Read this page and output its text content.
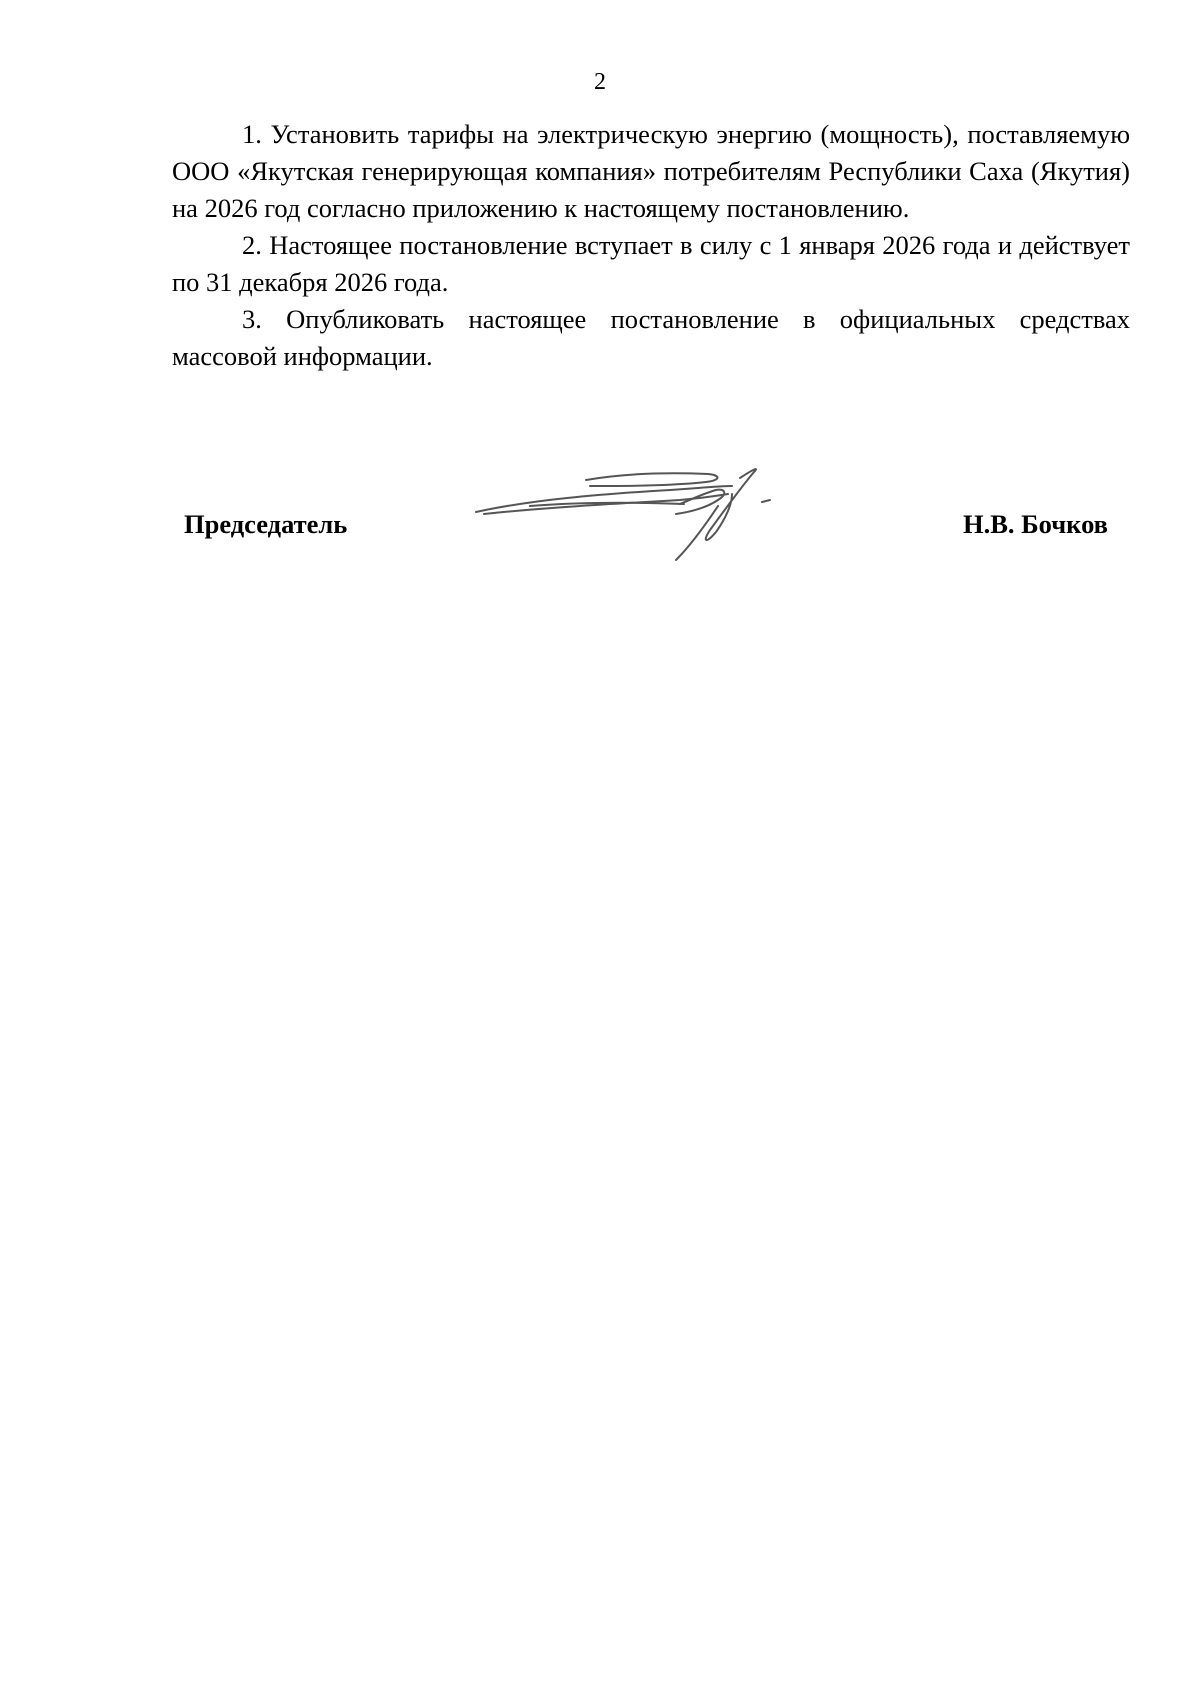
2

1. Установить тарифы на электрическую энергию (мощность), поставляемую ООО «Якутская генерирующая компания» потребителям Республики Саха (Якутия) на 2026 год согласно приложению к настоящему постановлению.

2. Настоящее постановление вступает в силу с 1 января 2026 года и действует по 31 декабря 2026 года.

3. Опубликовать настоящее постановление в официальных средствах массовой информации.

Председатель	Н.В. Бочков
